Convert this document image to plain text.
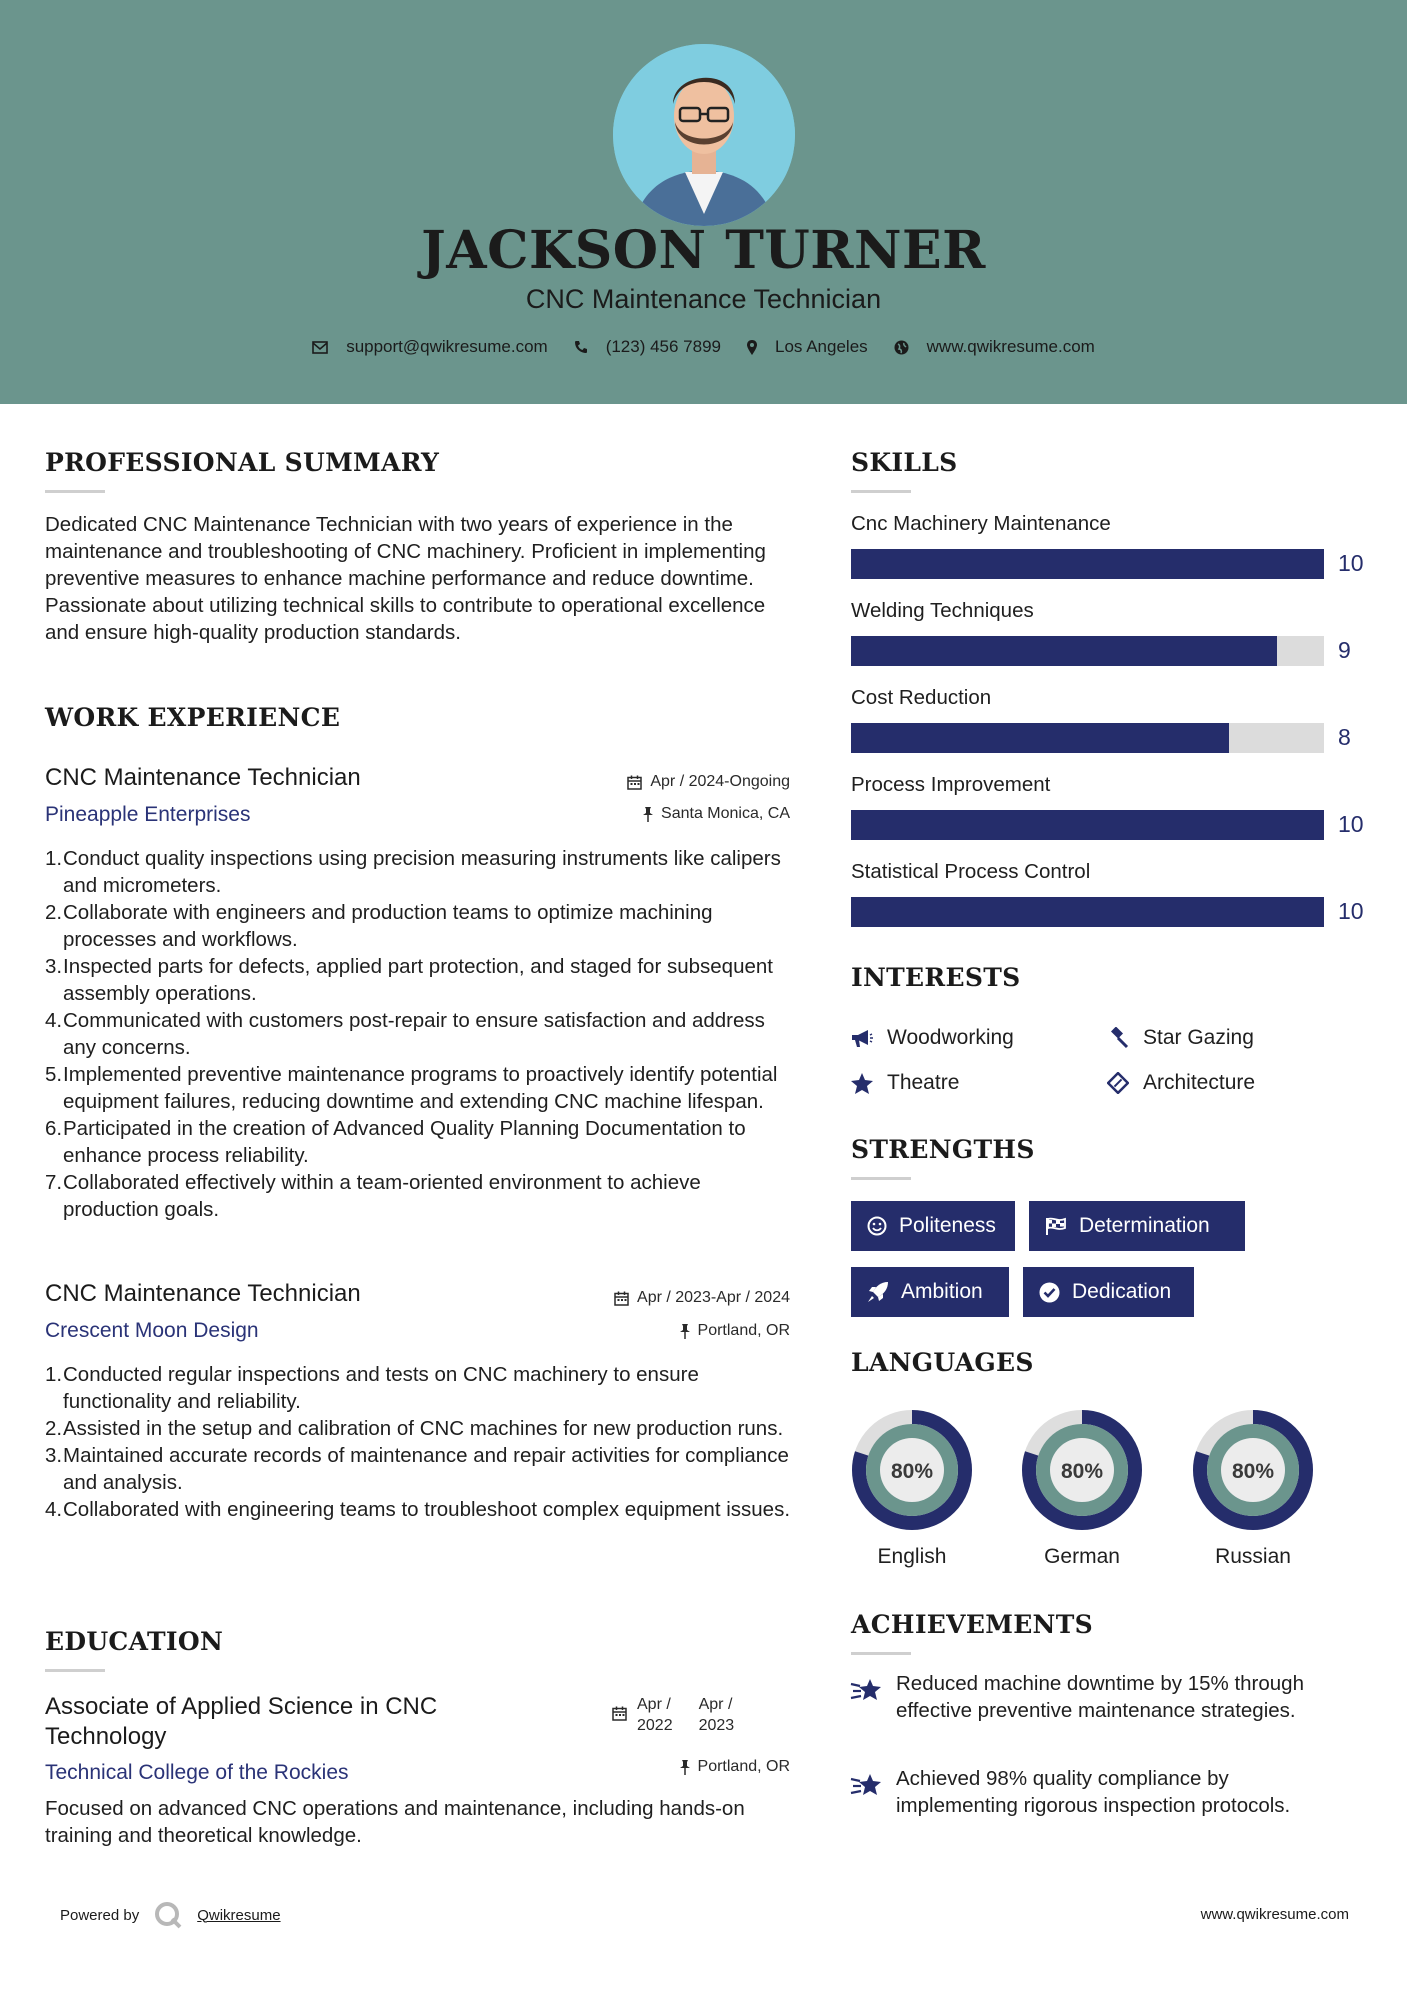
JACKSON TURNER
CNC Maintenance Technician
support@qwikresume.com	(123) 456 7899	Los Angeles	www.qwikresume.com
PROFESSIONAL SUMMARY
Dedicated CNC Maintenance Technician with two years of experience in the maintenance and troubleshooting of CNC machinery. Proficient in implementing preventive measures to enhance machine performance and reduce downtime. Passionate about utilizing technical skills to contribute to operational excellence and ensure high-quality production standards.
WORK EXPERIENCE
CNC Maintenance Technician
Pineapple Enterprises
Apr / 2024-Ongoing
Santa Monica, CA
1. Conduct quality inspections using precision measuring instruments like calipers and micrometers.
2. Collaborate with engineers and production teams to optimize machining processes and workflows.
3. Inspected parts for defects, applied part protection, and staged for subsequent assembly operations.
4. Communicated with customers post-repair to ensure satisfaction and address any concerns.
5. Implemented preventive maintenance programs to proactively identify potential equipment failures, reducing downtime and extending CNC machine lifespan.
6. Participated in the creation of Advanced Quality Planning Documentation to enhance process reliability.
7. Collaborated effectively within a team-oriented environment to achieve production goals.
CNC Maintenance Technician
Crescent Moon Design
Apr / 2023-Apr / 2024
Portland, OR
1. Conducted regular inspections and tests on CNC machinery to ensure functionality and reliability.
2. Assisted in the setup and calibration of CNC machines for new production runs.
3. Maintained accurate records of maintenance and repair activities for compliance and analysis.
4. Collaborated with engineering teams to troubleshoot complex equipment issues.
EDUCATION
Associate of Applied Science in CNC
Technology
Technical College of the Rockies
Apr /
2022
Apr /
2023
Portland, OR
Focused on advanced CNC operations and maintenance, including hands-on training and theoretical knowledge.
SKILLS
Cnc Machinery Maintenance
10
Welding Techniques
9
Cost Reduction
8
Process Improvement
10
Statistical Process Control
10
INTERESTS
Woodworking	Star Gazing
Theatre	Architecture
STRENGTHS
Politeness	Determination
Ambition	Dedication
LANGUAGES
80%
English
80%
German
80%
Russian
ACHIEVEMENTS
Reduced machine downtime by 15% through effective preventive maintenance strategies.
Achieved 98% quality compliance by implementing rigorous inspection protocols.
Powered by	Qwikresume	www.qwikresume.com
